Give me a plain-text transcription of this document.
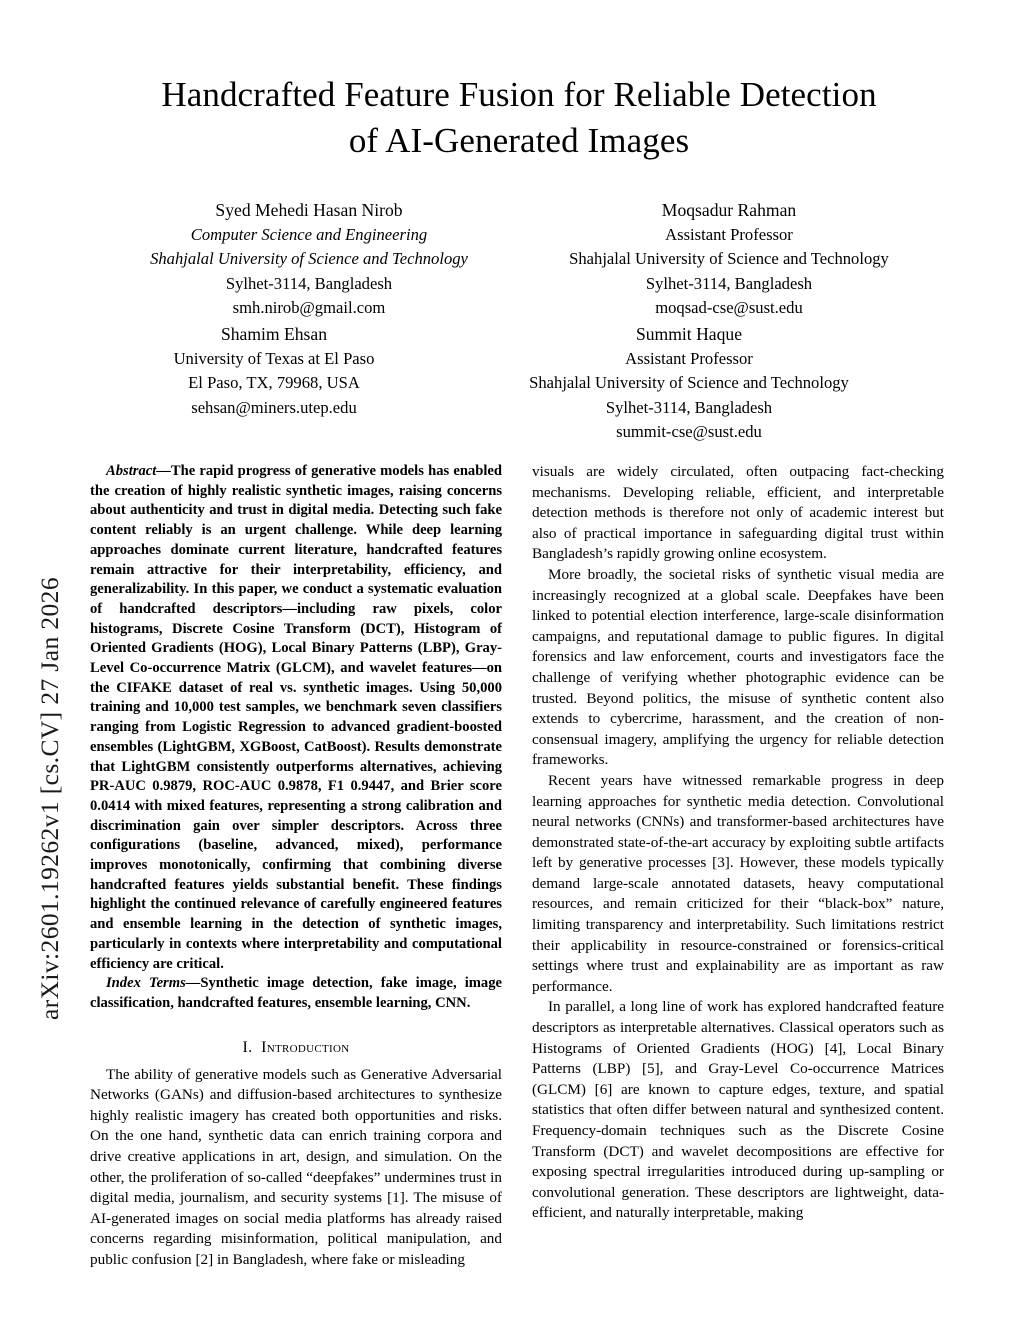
arXiv:2601.19262v1 [cs.CV] 27 Jan 2026
Handcrafted Feature Fusion for Reliable Detection
of AI-Generated Images
Syed Mehedi Hasan Nirob
Computer Science and Engineering
Shahjalal University of Science and Technology
Sylhet-3114, Bangladesh
smh.nirob@gmail.com
Moqsadur Rahman
Assistant Professor
Shahjalal University of Science and Technology
Sylhet-3114, Bangladesh
moqsad-cse@sust.edu
Shamim Ehsan
University of Texas at El Paso
El Paso, TX, 79968, USA
sehsan@miners.utep.edu
Summit Haque
Assistant Professor
Shahjalal University of Science and Technology
Sylhet-3114, Bangladesh
summit-cse@sust.edu

Abstract—The rapid progress of generative models has enabled the creation of highly realistic synthetic images, raising concerns about authenticity and trust in digital media. Detecting such fake content reliably is an urgent challenge. While deep learning approaches dominate current literature, handcrafted features remain attractive for their interpretability, efficiency, and generalizability. In this paper, we conduct a systematic evaluation of handcrafted descriptors—including raw pixels, color histograms, Discrete Cosine Transform (DCT), Histogram of Oriented Gradients (HOG), Local Binary Patterns (LBP), Gray-Level Co-occurrence Matrix (GLCM), and wavelet features—on the CIFAKE dataset of real vs. synthetic images. Using 50,000 training and 10,000 test samples, we benchmark seven classifiers ranging from Logistic Regression to advanced gradient-boosted ensembles (LightGBM, XGBoost, CatBoost). Results demonstrate that LightGBM consistently outperforms alternatives, achieving PR-AUC 0.9879, ROC-AUC 0.9878, F1 0.9447, and Brier score 0.0414 with mixed features, representing a strong calibration and discrimination gain over simpler descriptors. Across three configurations (baseline, advanced, mixed), performance improves monotonically, confirming that combining diverse handcrafted features yields substantial benefit. These findings highlight the continued relevance of carefully engineered features and ensemble learning in the detection of synthetic images, particularly in contexts where interpretability and computational efficiency are critical.

Index Terms—Synthetic image detection, fake image, image classification, handcrafted features, ensemble learning, CNN.

I. Introduction

The ability of generative models such as Generative Adversarial Networks (GANs) and diffusion-based architectures to synthesize highly realistic imagery has created both opportunities and risks. On the one hand, synthetic data can enrich training corpora and drive creative applications in art, design, and simulation. On the other, the proliferation of so-called “deepfakes” undermines trust in digital media, journalism, and security systems [1]. The misuse of AI-generated images on social media platforms has already raised concerns regarding misinformation, political manipulation, and public confusion [2] in Bangladesh, where fake or misleading

visuals are widely circulated, often outpacing fact-checking mechanisms. Developing reliable, efficient, and interpretable detection methods is therefore not only of academic interest but also of practical importance in safeguarding digital trust within Bangladesh’s rapidly growing online ecosystem.

More broadly, the societal risks of synthetic visual media are increasingly recognized at a global scale. Deepfakes have been linked to potential election interference, large-scale disinformation campaigns, and reputational damage to public figures. In digital forensics and law enforcement, courts and investigators face the challenge of verifying whether photographic evidence can be trusted. Beyond politics, the misuse of synthetic content also extends to cybercrime, harassment, and the creation of non-consensual imagery, amplifying the urgency for reliable detection frameworks.

Recent years have witnessed remarkable progress in deep learning approaches for synthetic media detection. Convolutional neural networks (CNNs) and transformer-based architectures have demonstrated state-of-the-art accuracy by exploiting subtle artifacts left by generative processes [3]. However, these models typically demand large-scale annotated datasets, heavy computational resources, and remain criticized for their “black-box” nature, limiting transparency and interpretability. Such limitations restrict their applicability in resource-constrained or forensics-critical settings where trust and explainability are as important as raw performance.

In parallel, a long line of work has explored handcrafted feature descriptors as interpretable alternatives. Classical operators such as Histograms of Oriented Gradients (HOG) [4], Local Binary Patterns (LBP) [5], and Gray-Level Co-occurrence Matrices (GLCM) [6] are known to capture edges, texture, and spatial statistics that often differ between natural and synthesized content. Frequency-domain techniques such as the Discrete Cosine Transform (DCT) and wavelet decompositions are effective for exposing spectral irregularities introduced during up-sampling or convolutional generation. These descriptors are lightweight, data-efficient, and naturally interpretable, making
